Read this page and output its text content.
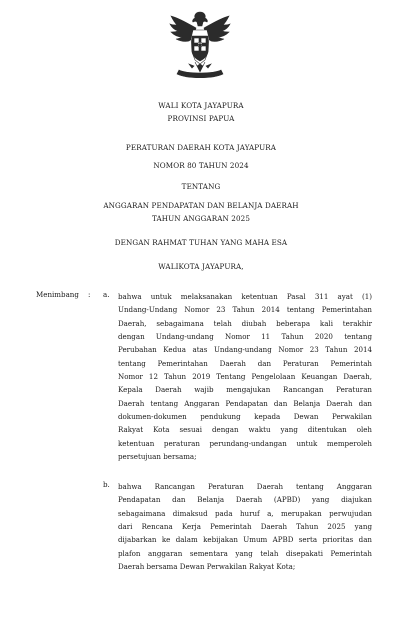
WALI KOTA JAYAPURA
PROVINSI PAPUA
PERATURAN DAERAH KOTA JAYAPURA
NOMOR 80 TAHUN 2024
TENTANG
ANGGARAN PENDAPATAN DAN BELANJA DAERAH
TAHUN ANGGARAN 2025
DENGAN RAHMAT TUHAN YANG MAHA ESA
WALIKOTA JAYAPURA,
Menimbang : a. bahwa untuk melaksanakan ketentuan Pasal 311 ayat (1)
Undang-Undang Nomor 23 Tahun 2014 tentang Pemerintahan
Daerah, sebagaimana telah diubah beberapa kali terakhir
dengan Undang-undang Nomor 11 Tahun 2020 tentang
Perubahan Kedua atas Undang-undang Nomor 23 Tahun 2014
tentang Pemerintahan Daerah dan Peraturan Pemerintah
Nomor 12 Tahun 2019 Tentang Pengelolaan Keuangan Daerah,
Kepala Daerah wajib mengajukan Rancangan Peraturan
Daerah tentang Anggaran Pendapatan dan Belanja Daerah dan
dokumen-dokumen pendukung kepada Dewan Perwakilan
Rakyat Kota sesuai dengan waktu yang ditentukan oleh
ketentuan peraturan perundang-undangan untuk memperoleh
persetujuan bersama;
b. bahwa Rancangan Peraturan Daerah tentang Anggaran
Pendapatan dan Belanja Daerah (APBD) yang diajukan
sebagaimana dimaksud pada huruf a, merupakan perwujudan
dari Rencana Kerja Pemerintah Daerah Tahun 2025 yang
dijabarkan ke dalam kebijakan Umum APBD serta prioritas dan
plafon anggaran sementara yang telah disepakati Pemerintah
Daerah bersama Dewan Perwakilan Rakyat Kota;
